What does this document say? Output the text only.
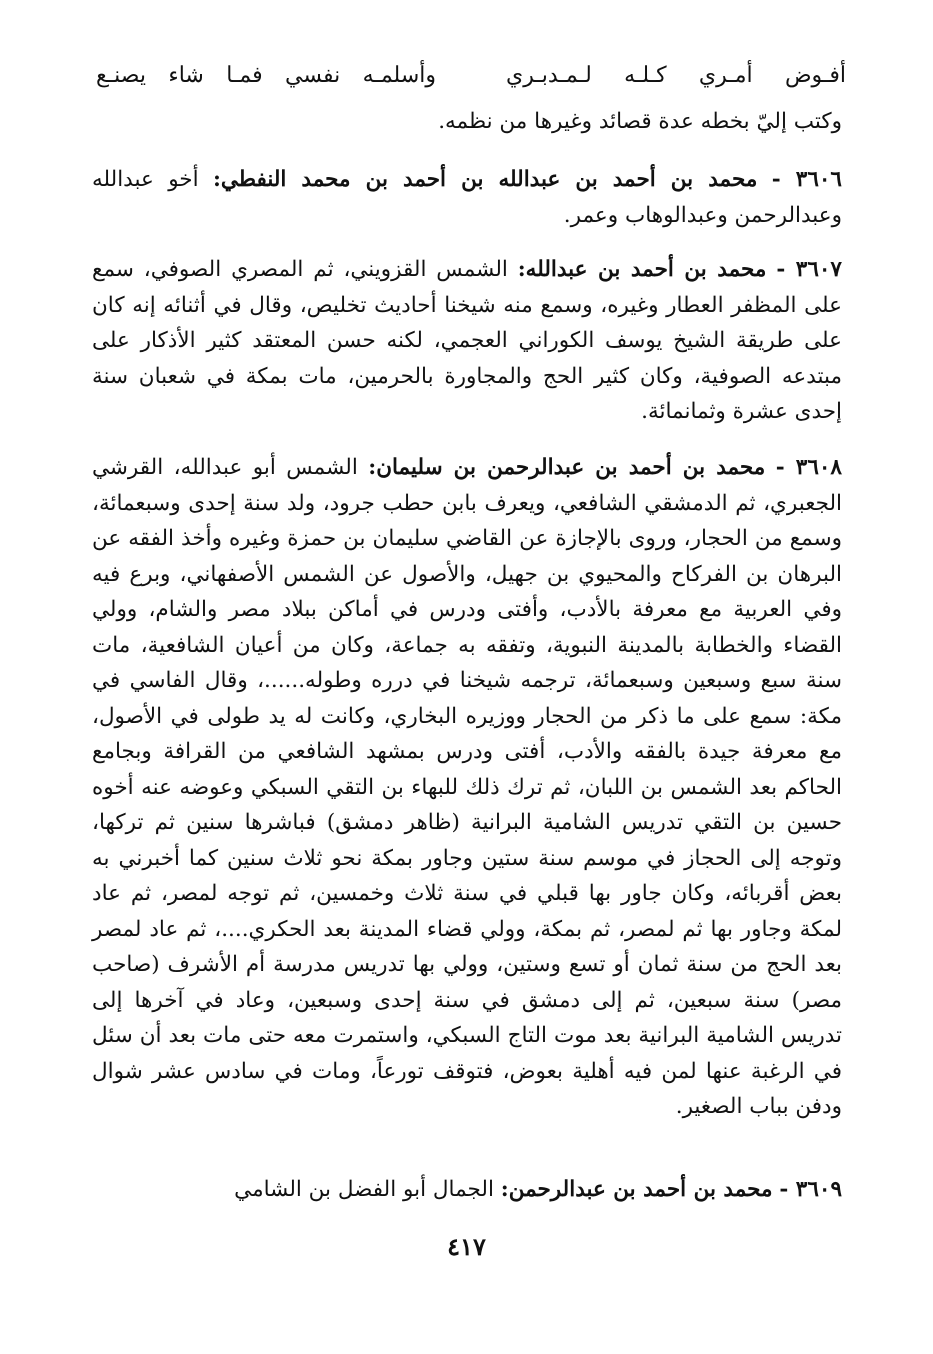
أفـوض أمـري كـلـه لـمـدبـري
وأسلمـه نفسي فمـا شاء يصنـع

وكتب إليّ بخطه عدة قصائد وغيرها من نظمه.

٣٦٠٦ - محمد بن أحمد بن عبدالله بن أحمد بن محمد النفطي: أخو عبدالله وعبدالرحمن وعبدالوهاب وعمر.

٣٦٠٧ - محمد بن أحمد بن عبدالله: الشمس القزويني، ثم المصري الصوفي، سمع على المظفر العطار وغيره، وسمع منه شيخنا أحاديث تخليص، وقال في أثنائه إنه كان على طريقة الشيخ يوسف الكوراني العجمي، لكنه حسن المعتقد كثير الأذكار على مبتدعه الصوفية، وكان كثير الحج والمجاورة بالحرمين، مات بمكة في شعبان سنة إحدى عشرة وثمانمائة.

٣٦٠٨ - محمد بن أحمد بن عبدالرحمن بن سليمان: الشمس أبو عبدالله، القرشي الجعبري، ثم الدمشقي الشافعي، ويعرف بابن حطب جرود، ولد سنة إحدى وسبعمائة، وسمع من الحجار، وروى بالإجازة عن القاضي سليمان بن حمزة وغيره وأخذ الفقه عن البرهان بن الفركاح والمحيوي بن جهيل، والأصول عن الشمس الأصفهاني، وبرع فيه وفي العربية مع معرفة بالأدب، وأفتى ودرس في أماكن ببلاد مصر والشام، وولي القضاء والخطابة بالمدينة النبوية، وتفقه به جماعة، وكان من أعيان الشافعية، مات سنة سبع وسبعين وسبعمائة، ترجمه شيخنا في درره وطوله......، وقال الفاسي في مكة: سمع على ما ذكر من الحجار ووزيره البخاري، وكانت له يد طولى في الأصول، مع معرفة جيدة بالفقه والأدب، أفتى ودرس بمشهد الشافعي من القرافة وبجامع الحاكم بعد الشمس بن اللبان، ثم ترك ذلك للبهاء بن التقي السبكي وعوضه عنه أخوه حسين بن التقي تدريس الشامية البرانية (ظاهر دمشق) فباشرها سنين ثم تركها، وتوجه إلى الحجاز في موسم سنة ستين وجاور بمكة نحو ثلاث سنين كما أخبرني به بعض أقربائه، وكان جاور بها قبلي في سنة ثلاث وخمسين، ثم توجه لمصر، ثم عاد لمكة وجاور بها ثم لمصر، ثم بمكة، وولي قضاء المدينة بعد الحكري....، ثم عاد لمصر بعد الحج من سنة ثمان أو تسع وستين، وولي بها تدريس مدرسة أم الأشرف (صاحب مصر) سنة سبعين، ثم إلى دمشق في سنة إحدى وسبعين، وعاد في آخرها إلى تدريس الشامية البرانية بعد موت التاج السبكي، واستمرت معه حتى مات بعد أن سئل في الرغبة عنها لمن فيه أهلية بعوض، فتوقف تورعاً، ومات في سادس عشر شوال ودفن بباب الصغير.

٣٦٠٩ - محمد بن أحمد بن عبدالرحمن: الجمال أبو الفضل بن الشامي

٤١٧
